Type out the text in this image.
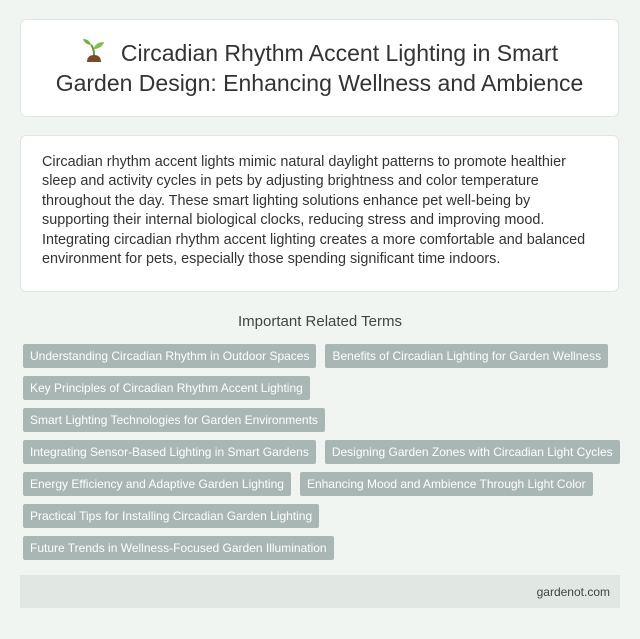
Circadian Rhythm Accent Lighting in Smart Garden Design: Enhancing Wellness and Ambience

Circadian rhythm accent lights mimic natural daylight patterns to promote healthier sleep and activity cycles in pets by adjusting brightness and color temperature throughout the day. These smart lighting solutions enhance pet well-being by supporting their internal biological clocks, reducing stress and improving mood. Integrating circadian rhythm accent lighting creates a more comfortable and balanced environment for pets, especially those spending significant time indoors.

Important Related Terms
Understanding Circadian Rhythm in Outdoor Spaces	Benefits of Circadian Lighting for Garden Wellness
Key Principles of Circadian Rhythm Accent Lighting
Smart Lighting Technologies for Garden Environments
Integrating Sensor-Based Lighting in Smart Gardens	Designing Garden Zones with Circadian Light Cycles
Energy Efficiency and Adaptive Garden Lighting	Enhancing Mood and Ambience Through Light Color
Practical Tips for Installing Circadian Garden Lighting
Future Trends in Wellness-Focused Garden Illumination
gardenot.com
